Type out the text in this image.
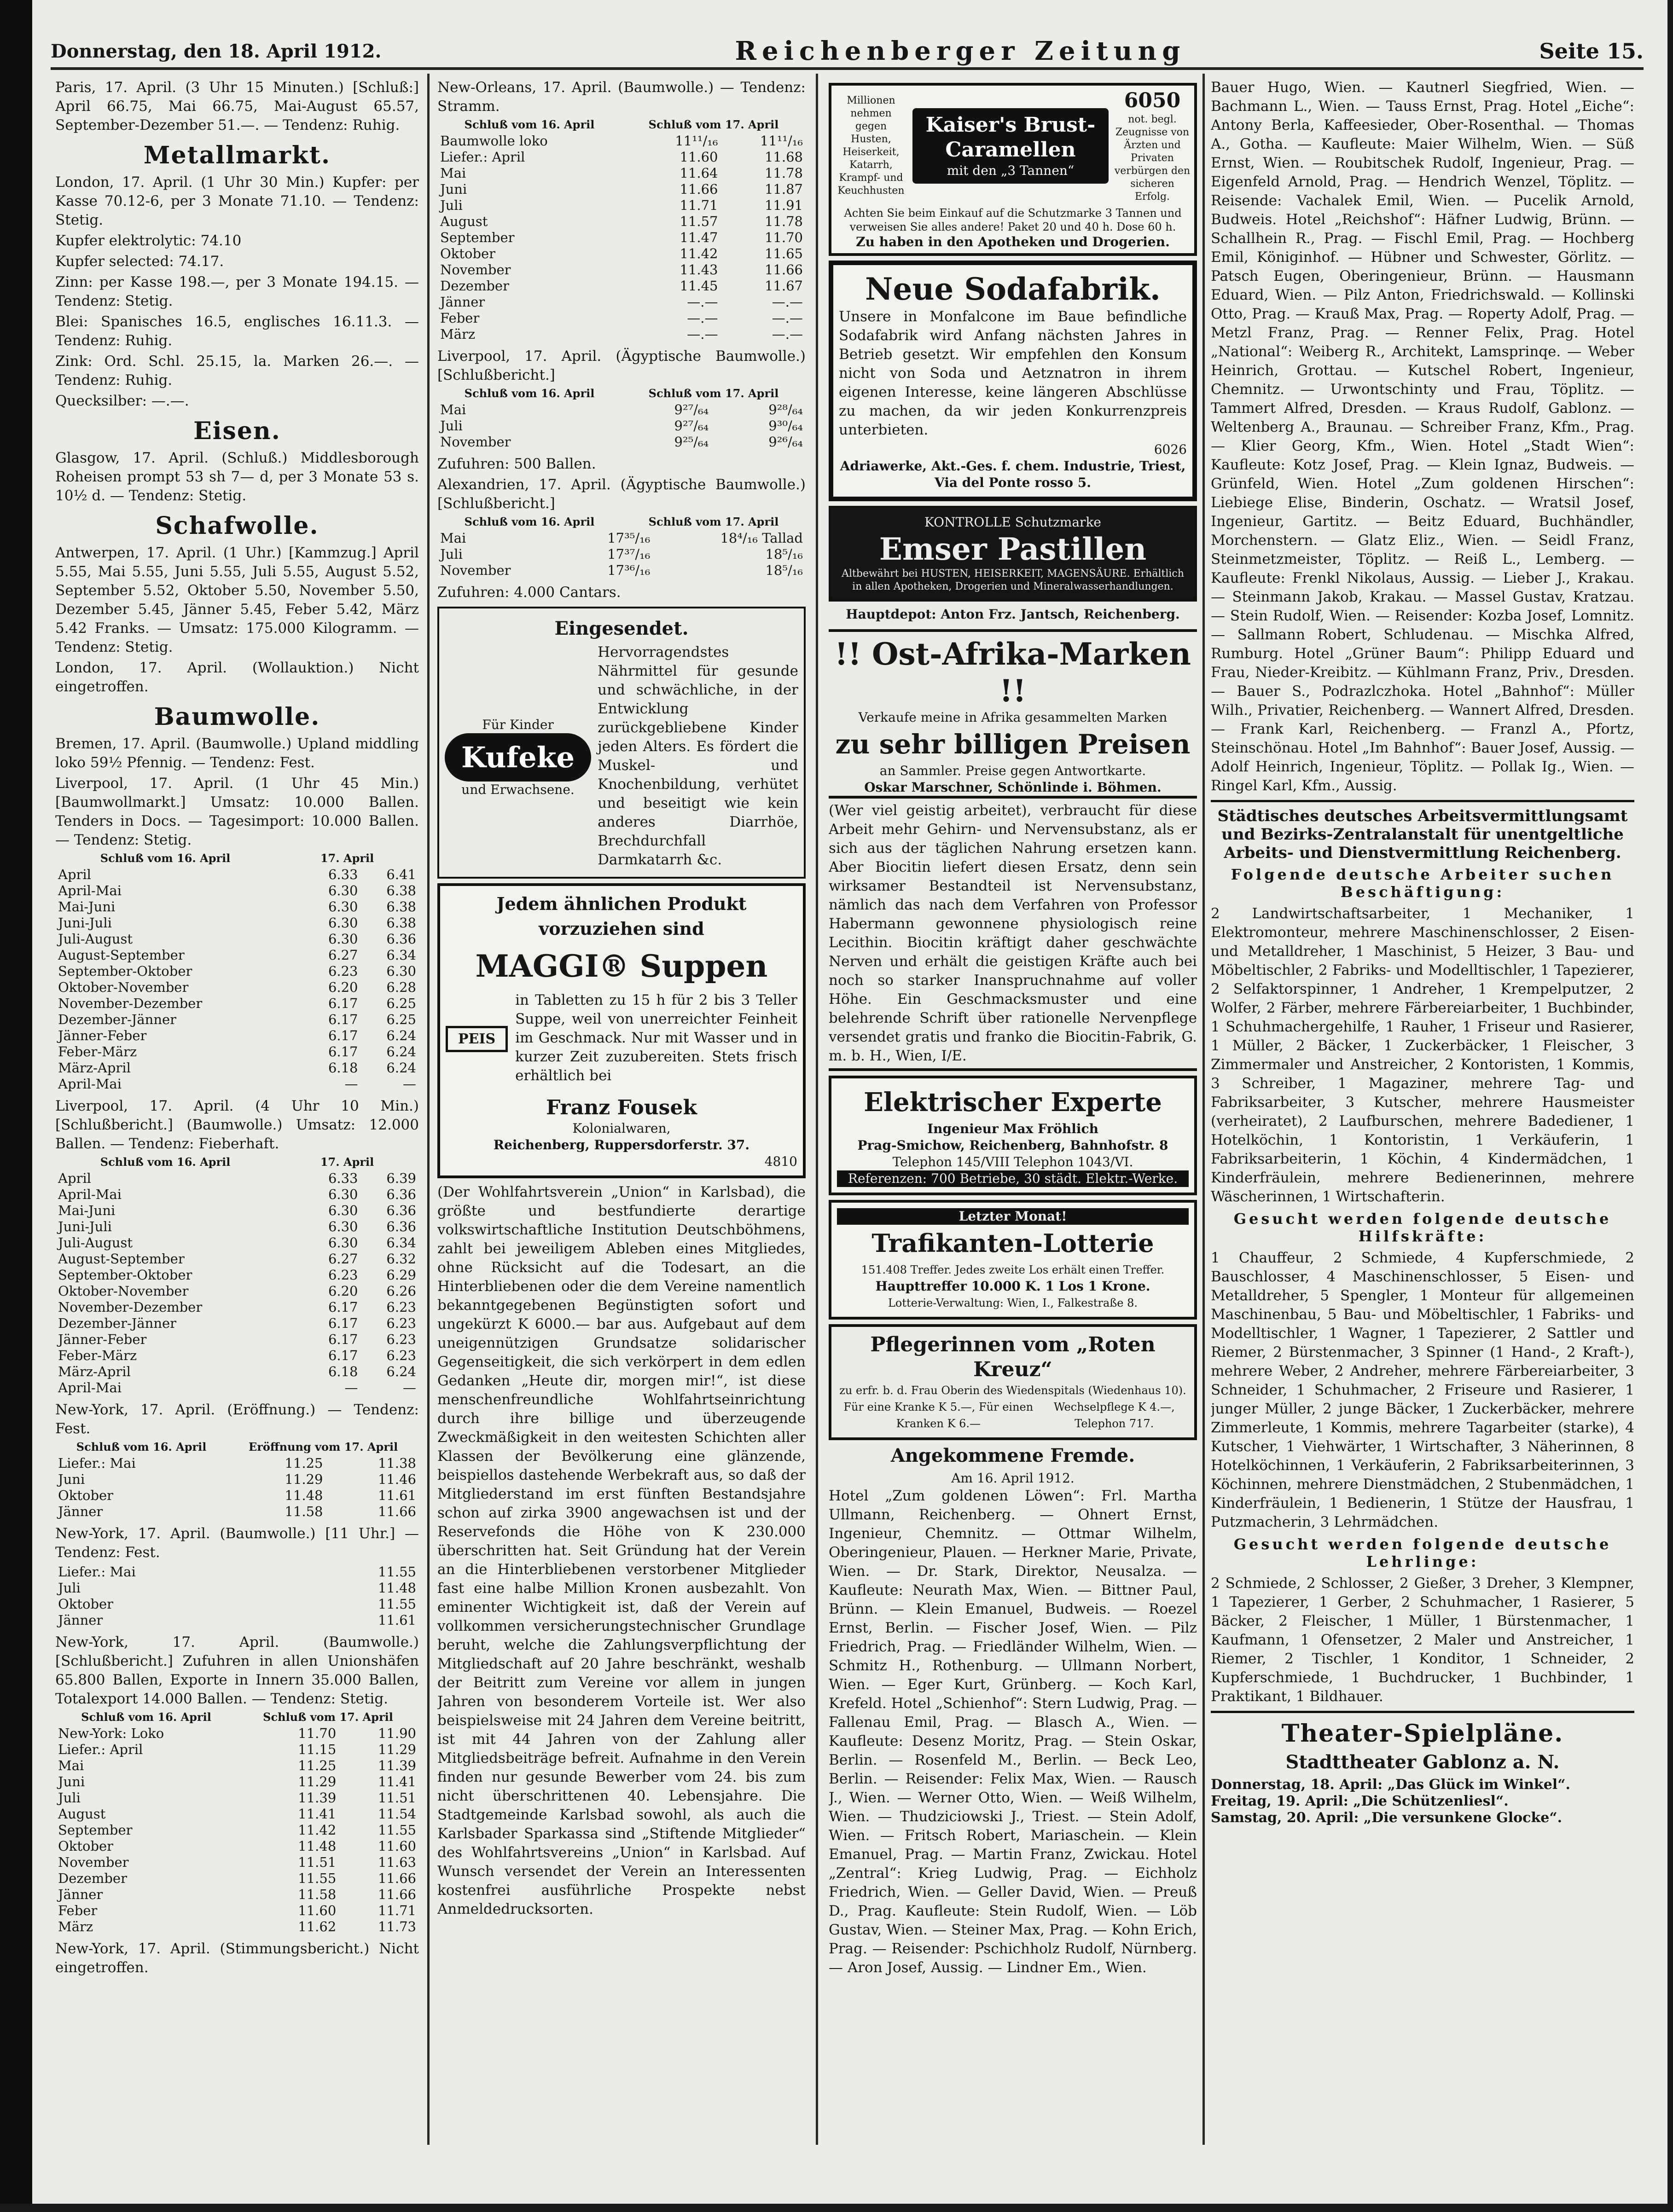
Donnerstag, den 18. April 1912.	Reichenberger Zeitung	Seite 15.

Paris, 17. April. (3 Uhr 15 Minuten.) [Schluß:] April 66.75, Mai 66.75, Mai-August 65.57, September-Dezember 51.—. — Tendenz: Ruhig.

Metallmarkt.

London, 17. April. (1 Uhr 30 Min.) Kupfer: per Kasse 70.12-6, per 3 Monate 71.10. — Tendenz: Stetig.

Kupfer elektrolytic: 74.10

Kupfer selected: 74.17.

Zinn: per Kasse 198.—, per 3 Monate 194.15. — Tendenz: Stetig.

Blei: Spanisches 16.5, englisches 16.11.3. — Tendenz: Ruhig.

Zink: Ord. Schl. 25.15, la. Marken 26.—. — Tendenz: Ruhig.

Quecksilber: —.—.

Eisen.

Glasgow, 17. April. (Schluß.) Middlesborough Roheisen prompt 53 sh 7— d, per 3 Monate 53 s. 10½ d. — Tendenz: Stetig.

Schafwolle.

Antwerpen, 17. April. (1 Uhr.) [Kammzug.] April 5.55, Mai 5.55, Juni 5.55, Juli 5.55, August 5.52, September 5.52, Oktober 5.50, November 5.50, Dezember 5.45, Jänner 5.45, Feber 5.42, März 5.42 Franks. — Umsatz: 175.000 Kilogramm. — Tendenz: Stetig.

London, 17. April. (Wollauktion.) Nicht eingetroffen.

Baumwolle.

Bremen, 17. April. (Baumwolle.) Upland middling loko 59½ Pfennig. — Tendenz: Fest.

Liverpool, 17. April. (1 Uhr 45 Min.) [Baumwollmarkt.] Umsatz: 10.000 Ballen. Tenders in Docs. — Tagesimport: 10.000 Ballen. — Tendenz: Stetig.

Schluß vom 16. April	17. April
April	6.33	6.41
April-Mai	6.30	6.38
Mai-Juni	6.30	6.38
Juni-Juli	6.30	6.38
Juli-August	6.30	6.36
August-September	6.27	6.34
September-Oktober	6.23	6.30
Oktober-November	6.20	6.28
November-Dezember	6.17	6.25
Dezember-Jänner	6.17	6.25
Jänner-Feber	6.17	6.24
Feber-März	6.17	6.24
März-April	6.18	6.24
April-Mai	—	—

Liverpool, 17. April. (4 Uhr 10 Min.) [Schlußbericht.] (Baumwolle.) Umsatz: 12.000 Ballen. — Tendenz: Fieberhaft.

Schluß vom 16. April	17. April
April	6.33	6.39
April-Mai	6.30	6.36
Mai-Juni	6.30	6.36
Juni-Juli	6.30	6.36
Juli-August	6.30	6.34
August-September	6.27	6.32
September-Oktober	6.23	6.29
Oktober-November	6.20	6.26
November-Dezember	6.17	6.23
Dezember-Jänner	6.17	6.23
Jänner-Feber	6.17	6.23
Feber-März	6.17	6.23
März-April	6.18	6.24
April-Mai	—	—

New-York, 17. April. (Eröffnung.) — Tendenz: Fest.

Schluß vom 16. April	Eröffnung vom 17. April
Liefer.: Mai	11.25	11.38
Juni	11.29	11.46
Oktober	11.48	11.61
Jänner	11.58	11.66

New-York, 17. April. (Baumwolle.) [11 Uhr.] — Tendenz: Fest.

Liefer.: Mai		11.55
Juli		11.48
Oktober		11.55
Jänner		11.61

New-York, 17. April. (Baumwolle.) [Schlußbericht.] Zufuhren in allen Unionshäfen 65.800 Ballen, Exporte in Innern 35.000 Ballen, Totalexport 14.000 Ballen. — Tendenz: Stetig.

Schluß vom 16. April	Schluß vom 17. April
New-York: Loko	11.70	11.90
Liefer.: April	11.15	11.29
Mai	11.25	11.39
Juni	11.29	11.41
Juli	11.39	11.51
August	11.41	11.54
September	11.42	11.55
Oktober	11.48	11.60
November	11.51	11.63
Dezember	11.55	11.66
Jänner	11.58	11.66
Feber	11.60	11.71
März	11.62	11.73

New-York, 17. April. (Stimmungsbericht.) Nicht eingetroffen.

New-Orleans, 17. April. (Baumwolle.) — Tendenz: Stramm.

Schluß vom 16. April	Schluß vom 17. April
Baumwolle loko	11¹¹/₁₆	11¹¹/₁₆
Liefer.: April	11.60	11.68
Mai	11.64	11.78
Juni	11.66	11.87
Juli	11.71	11.91
August	11.57	11.78
September	11.47	11.70
Oktober	11.42	11.65
November	11.43	11.66
Dezember	11.45	11.67
Jänner	—.—	—.—
Feber	—.—	—.—
März	—.—	—.—

Liverpool, 17. April. (Ägyptische Baumwolle.) [Schlußbericht.]

Schluß vom 16. April	Schluß vom 17. April
Mai	9²⁷/₆₄	9²⁸/₆₄
Juli	9²⁷/₆₄	9³⁰/₆₄
November	9²⁵/₆₄	9²⁶/₆₄

Zufuhren: 500 Ballen.

Alexandrien, 17. April. (Ägyptische Baumwolle.) [Schlußbericht.]

Schluß vom 16. April	Schluß vom 17. April
Mai	17³⁵/₁₆	18⁴/₁₆ Tallad
Juli	17³⁷/₁₆	18⁵/₁₆
November	17³⁶/₁₆	18⁵/₁₆

Zufuhren: 4.000 Cantars.

Eingesendet.
Für Kinder
Kufeke
und Erwachsene.

Hervorragendstes Nährmittel für gesunde und schwächliche, in der Entwicklung zurückgebliebene Kinder jeden Alters. Es fördert die Muskel- und Knochenbildung, verhütet und beseitigt wie kein anderes Diarrhöe, Brechdurchfall Darmkatarrh &c.

Jedem ähnlichen Produkt vorzuziehen sind
MAGGI® Suppen
PEIS

in Tabletten zu 15 h für 2 bis 3 Teller Suppe, weil von unerreichter Feinheit im Geschmack. Nur mit Wasser und in kurzer Zeit zuzubereiten. Stets frisch erhältlich bei

Franz Fousek
Kolonialwaren,
Reichenberg, Ruppersdorferstr. 37.
4810

(Der Wohlfahrtsverein „Union“ in Karlsbad), die größte und bestfundierte derartige volkswirtschaftliche Institution Deutschböhmens, zahlt bei jeweiligem Ableben eines Mitgliedes, ohne Rücksicht auf die Todesart, an die Hinterbliebenen oder die dem Vereine namentlich bekanntgegebenen Begünstigten sofort und ungekürzt K 6000.— bar aus. Aufgebaut auf dem uneigennützigen Grundsatze solidarischer Gegenseitigkeit, die sich verkörpert in dem edlen Gedanken „Heute dir, morgen mir!“, ist diese menschenfreundliche Wohlfahrtseinrichtung durch ihre billige und überzeugende Zweckmäßigkeit in den weitesten Schichten aller Klassen der Bevölkerung eine glänzende, beispiellos dastehende Werbekraft aus, so daß der Mitgliederstand im erst fünften Bestandsjahre schon auf zirka 3900 angewachsen ist und der Reservefonds die Höhe von K 230.000 überschritten hat. Seit Gründung hat der Verein an die Hinterbliebenen verstorbener Mitglieder fast eine halbe Million Kronen ausbezahlt. Von eminenter Wichtigkeit ist, daß der Verein auf vollkommen versicherungstechnischer Grundlage beruht, welche die Zahlungsverpflichtung der Mitgliedschaft auf 20 Jahre beschränkt, weshalb der Beitritt zum Vereine vor allem in jungen Jahren von besonderem Vorteile ist. Wer also beispielsweise mit 24 Jahren dem Vereine beitritt, ist mit 44 Jahren von der Zahlung aller Mitgliedsbeiträge befreit. Aufnahme in den Verein finden nur gesunde Bewerber vom 24. bis zum nicht überschrittenen 40. Lebensjahre. Die Stadtgemeinde Karlsbad sowohl, als auch die Karlsbader Sparkassa sind „Stiftende Mitglieder“ des Wohlfahrtsvereins „Union“ in Karlsbad. Auf Wunsch versendet der Verein an Interessenten kostenfrei ausführliche Prospekte nebst Anmeldedrucksorten.

Millionen nehmen gegen Husten, Heiserkeit, Katarrh, Krampf- und Keuchhusten
Kaiser's Brust-Caramellen
mit den „3 Tannen“
6050
not. begl. Zeugnisse von Ärzten und Privaten verbürgen den sicheren Erfolg.
Achten Sie beim Einkauf auf die Schutzmarke 3 Tannen und verweisen Sie alles andere! Paket 20 und 40 h. Dose 60 h.
Zu haben in den Apotheken und Drogerien.
Neue Sodafabrik.

Unsere in Monfalcone im Baue befindliche Sodafabrik wird Anfang nächsten Jahres in Betrieb gesetzt. Wir empfehlen den Konsum nicht von Soda und Aetznatron in ihrem eigenen Interesse, keine längeren Abschlüsse zu machen, da wir jeden Konkurrenzpreis unterbieten.

6026
Adriawerke, Akt.-Ges. f. chem. Industrie, Triest, Via del Ponte rosso 5.
KONTROLLE Schutzmarke
Emser Pastillen
Altbewährt bei HUSTEN, HEISERKEIT, MAGENSÄURE. Erhältlich in allen Apotheken, Drogerien und Mineralwasserhandlungen.
Hauptdepot: Anton Frz. Jantsch, Reichenberg.
!! Ost-Afrika-Marken !!
Verkaufe meine in Afrika gesammelten Marken
zu sehr billigen Preisen
an Sammler. Preise gegen Antwortkarte.
Oskar Marschner, Schönlinde i. Böhmen.

(Wer viel geistig arbeitet), verbraucht für diese Arbeit mehr Gehirn- und Nervensubstanz, als er sich aus der täglichen Nahrung ersetzen kann. Aber Biocitin liefert diesen Ersatz, denn sein wirksamer Bestandteil ist Nervensubstanz, nämlich das nach dem Verfahren von Professor Habermann gewonnene physiologisch reine Lecithin. Biocitin kräftigt daher geschwächte Nerven und erhält die geistigen Kräfte auch bei noch so starker Inanspruchnahme auf voller Höhe. Ein Geschmacksmuster und eine belehrende Schrift über rationelle Nervenpflege versendet gratis und franko die Biocitin-Fabrik, G. m. b. H., Wien, I/E.

Elektrischer Experte
Ingenieur Max Fröhlich
Prag-Smichow, Reichenberg, Bahnhofstr. 8
Telephon 145/VIII Telephon 1043/VI.
Referenzen: 700 Betriebe, 30 städt. Elektr.-Werke.
Letzter Monat!
Trafikanten-Lotterie
151.408 Treffer. Jedes zweite Los erhält einen Treffer.
Haupttreffer 10.000 K. 1 Los 1 Krone.
Lotterie-Verwaltung: Wien, I., Falkestraße 8.
Pflegerinnen vom „Roten Kreuz“
zu erfr. b. d. Frau Oberin des Wiedenspitals (Wiedenhaus 10).
Für eine Kranke K 5.—, Für einen Kranken K 6.—
Wechselpflege K 4.—, Telephon 717.
Angekommene Fremde.
Am 16. April 1912.

Hotel „Zum goldenen Löwen“: Frl. Martha Ullmann, Reichenberg. — Ohnert Ernst, Ingenieur, Chemnitz. — Ottmar Wilhelm, Oberingenieur, Plauen. — Herkner Marie, Private, Wien. — Dr. Stark, Direktor, Neusalza. — Kaufleute: Neurath Max, Wien. — Bittner Paul, Brünn. — Klein Emanuel, Budweis. — Roezel Ernst, Berlin. — Fischer Josef, Wien. — Pilz Friedrich, Prag. — Friedländer Wilhelm, Wien. — Schmitz H., Rothenburg. — Ullmann Norbert, Wien. — Eger Kurt, Grünberg. — Koch Karl, Krefeld. Hotel „Schienhof“: Stern Ludwig, Prag. — Fallenau Emil, Prag. — Blasch A., Wien. — Kaufleute: Desenz Moritz, Prag. — Stein Oskar, Berlin. — Rosenfeld M., Berlin. — Beck Leo, Berlin. — Reisender: Felix Max, Wien. — Rausch J., Wien. — Werner Otto, Wien. — Weiß Wilhelm, Wien. — Thudziciowski J., Triest. — Stein Adolf, Wien. — Fritsch Robert, Mariaschein. — Klein Emanuel, Prag. — Martin Franz, Zwickau. Hotel „Zentral“: Krieg Ludwig, Prag. — Eichholz Friedrich, Wien. — Geller David, Wien. — Preuß D., Prag. Kaufleute: Stein Rudolf, Wien. — Löb Gustav, Wien. — Steiner Max, Prag. — Kohn Erich, Prag. — Reisender: Pschichholz Rudolf, Nürnberg. — Aron Josef, Aussig. — Lindner Em., Wien.

Bauer Hugo, Wien. — Kautnerl Siegfried, Wien. — Bachmann L., Wien. — Tauss Ernst, Prag. Hotel „Eiche“: Antony Berla, Kaffeesieder, Ober-Rosenthal. — Thomas A., Gotha. — Kaufleute: Maier Wilhelm, Wien. — Süß Ernst, Wien. — Roubitschek Rudolf, Ingenieur, Prag. — Eigenfeld Arnold, Prag. — Hendrich Wenzel, Töplitz. — Reisende: Vachalek Emil, Wien. — Pucelik Arnold, Budweis. Hotel „Reichshof“: Häfner Ludwig, Brünn. — Schallhein R., Prag. — Fischl Emil, Prag. — Hochberg Emil, Königinhof. — Hübner und Schwester, Görlitz. — Patsch Eugen, Oberingenieur, Brünn. — Hausmann Eduard, Wien. — Pilz Anton, Friedrichswald. — Kollinski Otto, Prag. — Krauß Max, Prag. — Roperty Adolf, Prag. — Metzl Franz, Prag. — Renner Felix, Prag. Hotel „National“: Weiberg R., Architekt, Lamsprinqe. — Weber Heinrich, Grottau. — Kutschel Robert, Ingenieur, Chemnitz. — Urwontschinty und Frau, Töplitz. — Tammert Alfred, Dresden. — Kraus Rudolf, Gablonz. — Weltenberg A., Braunau. — Schreiber Franz, Kfm., Prag. — Klier Georg, Kfm., Wien. Hotel „Stadt Wien“: Kaufleute: Kotz Josef, Prag. — Klein Ignaz, Budweis. — Grünfeld, Wien. Hotel „Zum goldenen Hirschen“: Liebiege Elise, Binderin, Oschatz. — Wratsil Josef, Ingenieur, Gartitz. — Beitz Eduard, Buchhändler, Morchenstern. — Glatz Eliz., Wien. — Seidl Franz, Steinmetzmeister, Töplitz. — Reiß L., Lemberg. — Kaufleute: Frenkl Nikolaus, Aussig. — Lieber J., Krakau. — Steinmann Jakob, Krakau. — Massel Gustav, Kratzau. — Stein Rudolf, Wien. — Reisender: Kozba Josef, Lomnitz. — Sallmann Robert, Schludenau. — Mischka Alfred, Rumburg. Hotel „Grüner Baum“: Philipp Eduard und Frau, Nieder-Kreibitz. — Kühlmann Franz, Priv., Dresden. — Bauer S., Podrazlczhoka. Hotel „Bahnhof“: Müller Wilh., Privatier, Reichenberg. — Wannert Alfred, Dresden. — Frank Karl, Reichenberg. — Franzl A., Pfortz, Steinschönau. Hotel „Im Bahnhof“: Bauer Josef, Aussig. — Adolf Heinrich, Ingenieur, Töplitz. — Pollak Ig., Wien. — Ringel Karl, Kfm., Aussig.

Städtisches deutsches Arbeitsvermittlungsamt und Bezirks-Zentralanstalt für unentgeltliche Arbeits- und Dienstvermittlung Reichenberg.
Folgende deutsche Arbeiter suchen Beschäftigung:

2 Landwirtschaftsarbeiter, 1 Mechaniker, 1 Elektromonteur, mehrere Maschinenschlosser, 2 Eisen- und Metalldreher, 1 Maschinist, 5 Heizer, 3 Bau- und Möbeltischler, 2 Fabriks- und Modelltischler, 1 Tapezierer, 2 Selfaktorspinner, 1 Andreher, 1 Krempelputzer, 2 Wolfer, 2 Färber, mehrere Färbereiarbeiter, 1 Buchbinder, 1 Schuhmachergehilfe, 1 Rauher, 1 Friseur und Rasierer, 1 Müller, 2 Bäcker, 1 Zuckerbäcker, 1 Fleischer, 3 Zimmermaler und Anstreicher, 2 Kontoristen, 1 Kommis, 3 Schreiber, 1 Magaziner, mehrere Tag- und Fabriksarbeiter, 3 Kutscher, mehrere Hausmeister (verheiratet), 2 Laufburschen, mehrere Badediener, 1 Hotelköchin, 1 Kontoristin, 1 Verkäuferin, 1 Fabriksarbeiterin, 1 Köchin, 4 Kindermädchen, 1 Kinderfräulein, mehrere Bedienerinnen, mehrere Wäscherinnen, 1 Wirtschafterin.

Gesucht werden folgende deutsche Hilfskräfte:

1 Chauffeur, 2 Schmiede, 4 Kupferschmiede, 2 Bauschlosser, 4 Maschinenschlosser, 5 Eisen- und Metalldreher, 5 Spengler, 1 Monteur für allgemeinen Maschinenbau, 5 Bau- und Möbeltischler, 1 Fabriks- und Modelltischler, 1 Wagner, 1 Tapezierer, 2 Sattler und Riemer, 2 Bürstenmacher, 3 Spinner (1 Hand-, 2 Kraft-), mehrere Weber, 2 Andreher, mehrere Färbereiarbeiter, 3 Schneider, 1 Schuhmacher, 2 Friseure und Rasierer, 1 junger Müller, 2 junge Bäcker, 1 Zuckerbäcker, mehrere Zimmerleute, 1 Kommis, mehrere Tagarbeiter (starke), 4 Kutscher, 1 Viehwärter, 1 Wirtschafter, 3 Näherinnen, 8 Hotelköchinnen, 1 Verkäuferin, 2 Fabriksarbeiterinnen, 3 Köchinnen, mehrere Dienstmädchen, 2 Stubenmädchen, 1 Kinderfräulein, 1 Bedienerin, 1 Stütze der Hausfrau, 1 Putzmacherin, 3 Lehrmädchen.

Gesucht werden folgende deutsche Lehrlinge:

2 Schmiede, 2 Schlosser, 2 Gießer, 3 Dreher, 3 Klempner, 1 Tapezierer, 1 Gerber, 2 Schuhmacher, 1 Rasierer, 5 Bäcker, 2 Fleischer, 1 Müller, 1 Bürstenmacher, 1 Kaufmann, 1 Ofensetzer, 2 Maler und Anstreicher, 1 Riemer, 2 Tischler, 1 Konditor, 1 Schneider, 2 Kupferschmiede, 1 Buchdrucker, 1 Buchbinder, 1 Praktikant, 1 Bildhauer.

Theater-Spielpläne.
Stadttheater Gablonz a. N.
Donnerstag, 18. April: „Das Glück im Winkel“.
Freitag, 19. April: „Die Schützenliesl“.
Samstag, 20. April: „Die versunkene Glocke“.
